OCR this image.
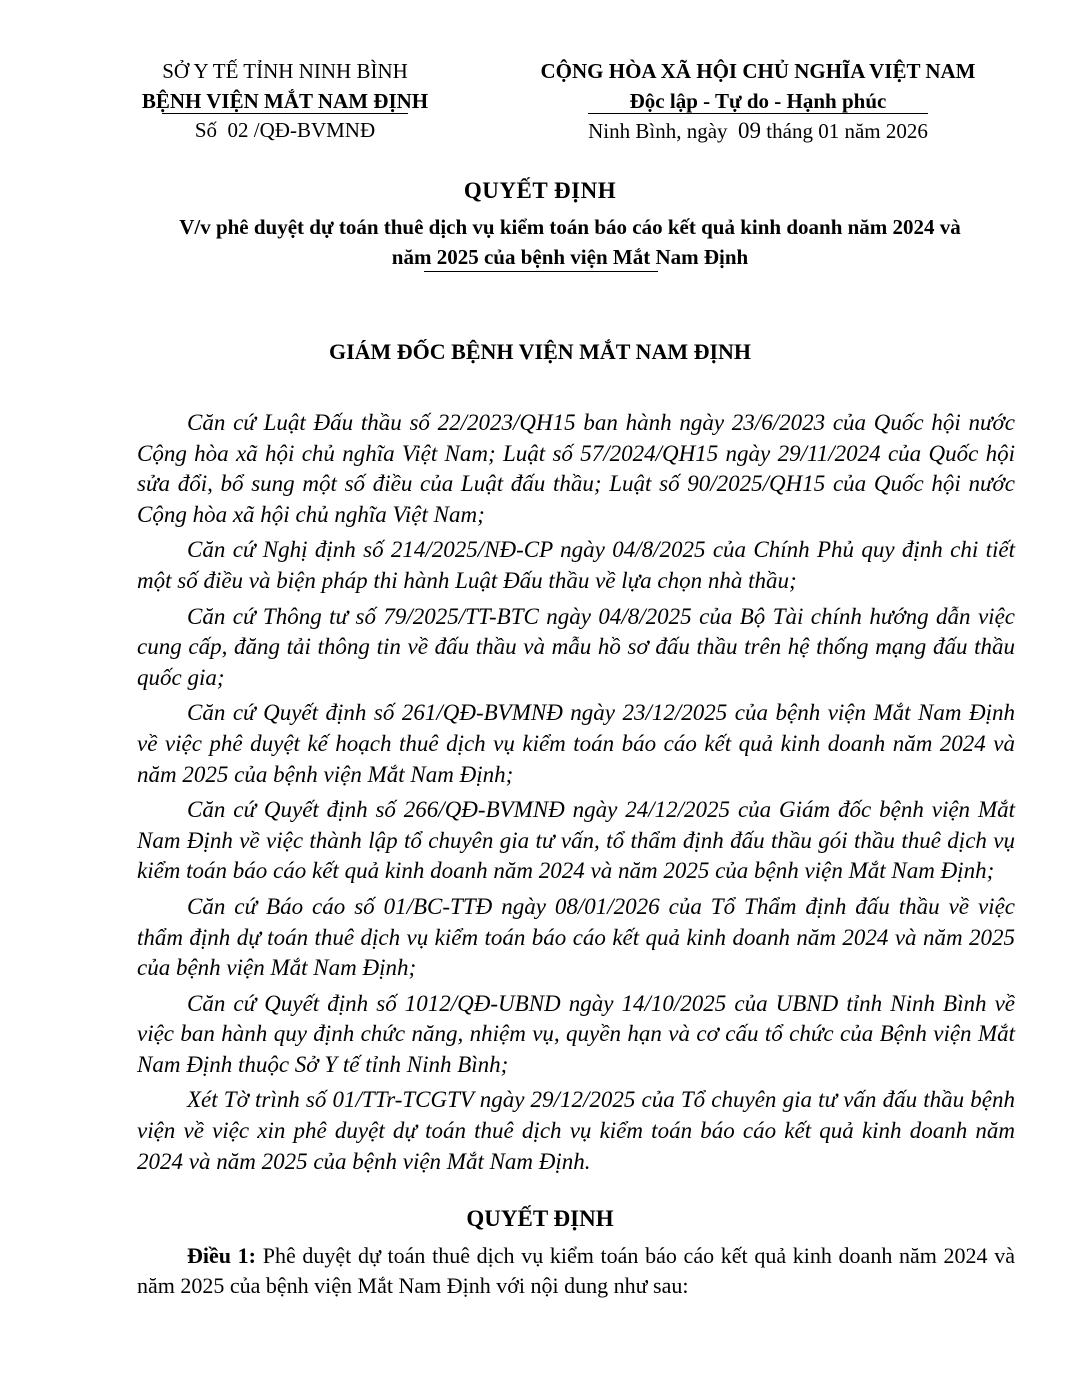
SỞ Y TẾ TỈNH NINH BÌNH
BỆNH VIỆN MẮT NAM ĐỊNH
Số 02 /QĐ-BVMNĐ
CỘNG HÒA XÃ HỘI CHỦ NGHĨA VIỆT NAM
Độc lập - Tự do - Hạnh phúc
Ninh Bình, ngày 09 tháng 01 năm 2026
QUYẾT ĐỊNH
V/v phê duyệt dự toán thuê dịch vụ kiểm toán báo cáo kết quả kinh doanh năm 2024 và
năm 2025 của bệnh viện Mắt Nam Định
GIÁM ĐỐC BỆNH VIỆN MẮT NAM ĐỊNH

Căn cứ Luật Đấu thầu số 22/2023/QH15 ban hành ngày 23/6/2023 của Quốc hội nước Cộng hòa xã hội chủ nghĩa Việt Nam; Luật số 57/2024/QH15 ngày 29/11/2024 của Quốc hội sửa đổi, bổ sung một số điều của Luật đấu thầu; Luật số 90/2025/QH15 của Quốc hội nước Cộng hòa xã hội chủ nghĩa Việt Nam;

Căn cứ Nghị định số 214/2025/NĐ-CP ngày 04/8/2025 của Chính Phủ quy định chi tiết một số điều và biện pháp thi hành Luật Đấu thầu về lựa chọn nhà thầu;

Căn cứ Thông tư số 79/2025/TT-BTC ngày 04/8/2025 của Bộ Tài chính hướng dẫn việc cung cấp, đăng tải thông tin về đấu thầu và mẫu hồ sơ đấu thầu trên hệ thống mạng đấu thầu quốc gia;

Căn cứ Quyết định số 261/QĐ-BVMNĐ ngày 23/12/2025 của bệnh viện Mắt Nam Định về việc phê duyệt kế hoạch thuê dịch vụ kiểm toán báo cáo kết quả kinh doanh năm 2024 và năm 2025 của bệnh viện Mắt Nam Định;

Căn cứ Quyết định số 266/QĐ-BVMNĐ ngày 24/12/2025 của Giám đốc bệnh viện Mắt Nam Định về việc thành lập tổ chuyên gia tư vấn, tổ thẩm định đấu thầu gói thầu thuê dịch vụ kiểm toán báo cáo kết quả kinh doanh năm 2024 và năm 2025 của bệnh viện Mắt Nam Định;

Căn cứ Báo cáo số 01/BC-TTĐ ngày 08/01/2026 của Tổ Thẩm định đấu thầu về việc thẩm định dự toán thuê dịch vụ kiểm toán báo cáo kết quả kinh doanh năm 2024 và năm 2025 của bệnh viện Mắt Nam Định;

Căn cứ Quyết định số 1012/QĐ-UBND ngày 14/10/2025 của UBND tỉnh Ninh Bình về việc ban hành quy định chức năng, nhiệm vụ, quyền hạn và cơ cấu tổ chức của Bệnh viện Mắt Nam Định thuộc Sở Y tế tỉnh Ninh Bình;

Xét Tờ trình số 01/TTr-TCGTV ngày 29/12/2025 của Tổ chuyên gia tư vấn đấu thầu bệnh viện về việc xin phê duyệt dự toán thuê dịch vụ kiểm toán báo cáo kết quả kinh doanh năm 2024 và năm 2025 của bệnh viện Mắt Nam Định.

QUYẾT ĐỊNH
Điều 1: Phê duyệt dự toán thuê dịch vụ kiểm toán báo cáo kết quả kinh doanh năm 2024 và năm 2025 của bệnh viện Mắt Nam Định với nội dung như sau:
